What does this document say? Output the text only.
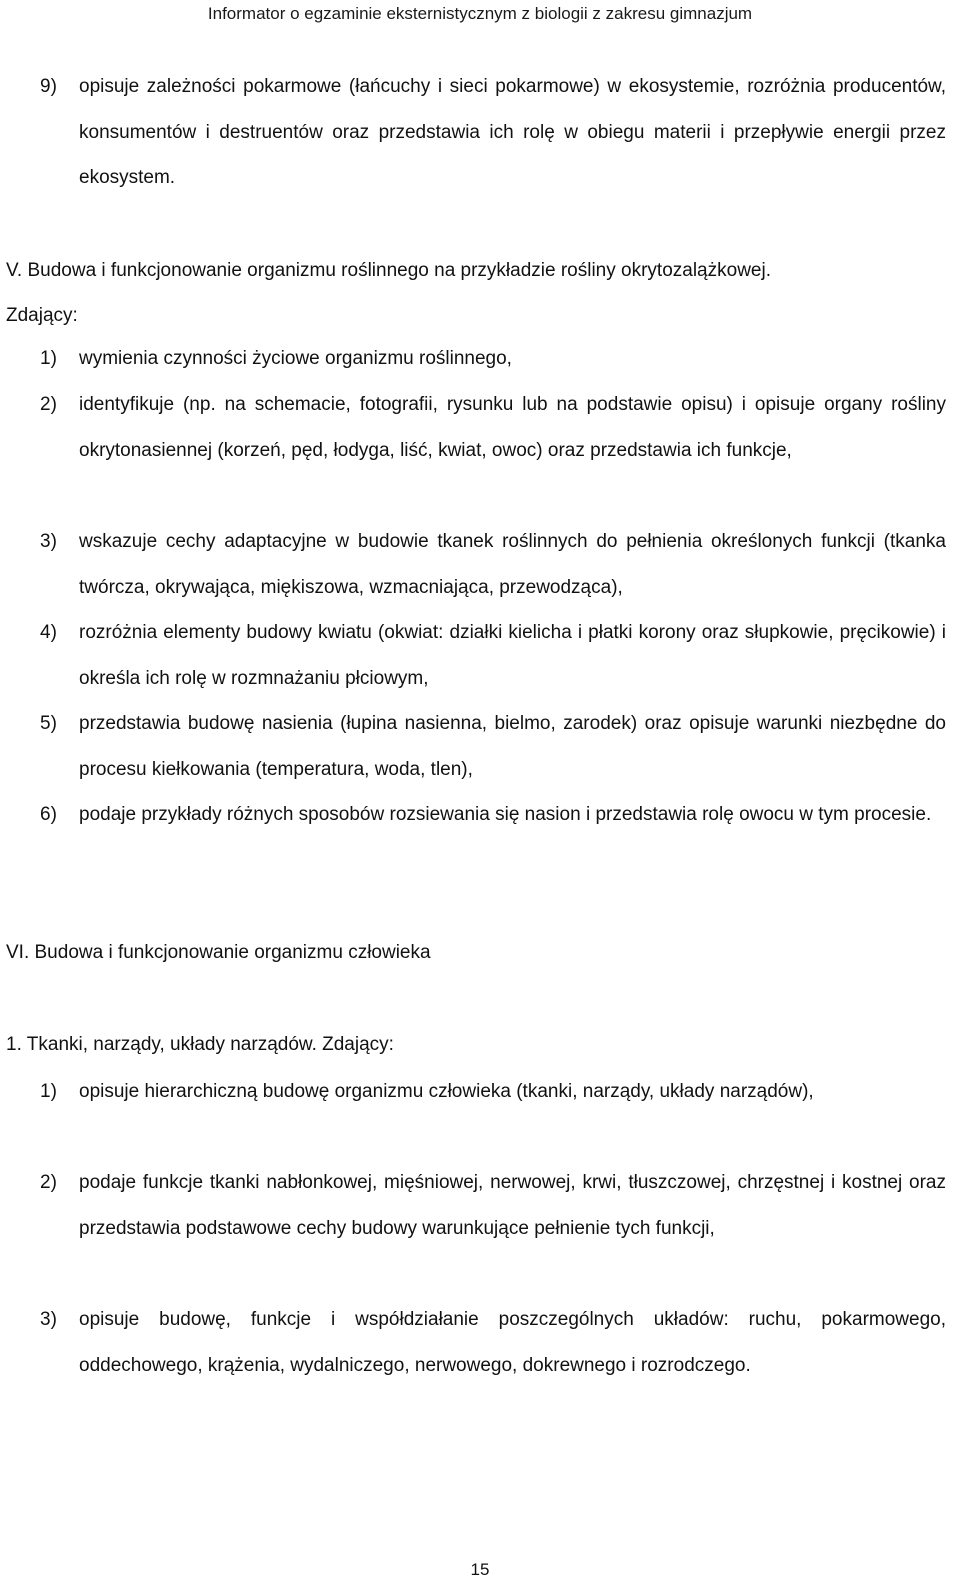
Informator o egzaminie eksternistycznym z biologii z zakresu gimnazjum
9) opisuje zależności pokarmowe (łańcuchy i sieci pokarmowe) w ekosystemie, rozróżnia producentów, konsumentów i destruentów oraz przedstawia ich rolę w obiegu materii i przepływie energii przez ekosystem.
V. Budowa i funkcjonowanie organizmu roślinnego na przykładzie rośliny okrytozalążkowej.
Zdający:
1) wymienia czynności życiowe organizmu roślinnego,
2) identyfikuje (np. na schemacie, fotografii, rysunku lub na podstawie opisu) i opisuje organy rośliny okrytonasiennej (korzeń, pęd, łodyga, liść, kwiat, owoc) oraz przedstawia ich funkcje,
3) wskazuje cechy adaptacyjne w budowie tkanek roślinnych do pełnienia określonych funkcji (tkanka twórcza, okrywająca, miękiszowa, wzmacniająca, przewodząca),
4) rozróżnia elementy budowy kwiatu (okwiat: działki kielicha i płatki korony oraz słupkowie, pręcikowie) i określa ich rolę w rozmnażaniu płciowym,
5) przedstawia budowę nasienia (łupina nasienna, bielmo, zarodek) oraz opisuje warunki niezbędne do procesu kiełkowania (temperatura, woda, tlen),
6) podaje przykłady różnych sposobów rozsiewania się nasion i przedstawia rolę owocu w tym procesie.
VI. Budowa i funkcjonowanie organizmu człowieka
1. Tkanki, narządy, układy narządów. Zdający:
1) opisuje hierarchiczną budowę organizmu człowieka (tkanki, narządy, układy narządów),
2) podaje funkcje tkanki nabłonkowej, mięśniowej, nerwowej, krwi, tłuszczowej, chrzęstnej i kostnej oraz przedstawia podstawowe cechy budowy warunkujące pełnienie tych funkcji,
3) opisuje budowę, funkcje i współdziałanie poszczególnych układów: ruchu, pokarmowego, oddechowego, krążenia, wydalniczego, nerwowego, dokrewnego i rozrodczego.
15
